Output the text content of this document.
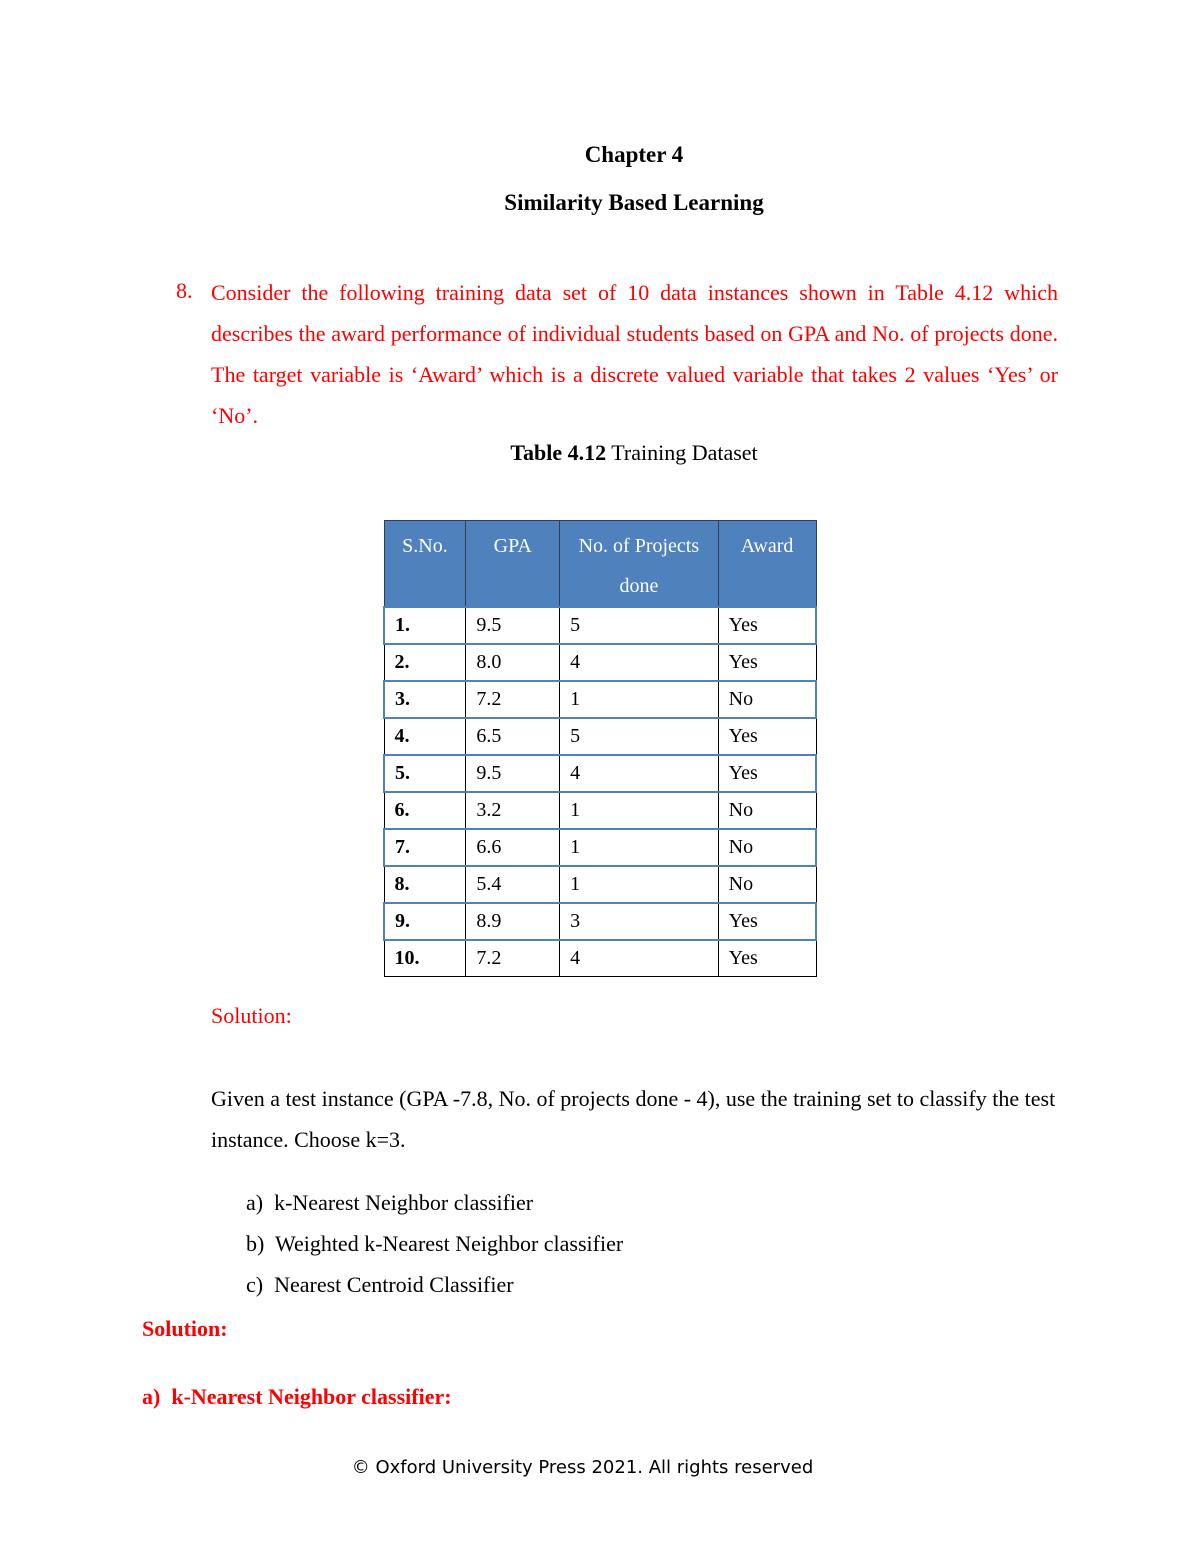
Chapter 4
Similarity Based Learning
8. Consider the following training data set of 10 data instances shown in Table 4.12 which describes the award performance of individual students based on GPA and No. of projects done. The target variable is ‘Award’ which is a discrete valued variable that takes 2 values ‘Yes’ or ‘No’.
Table 4.12 Training Dataset
S.No.	GPA	No. of Projects done	Award
1.	9.5	5	Yes
2.	8.0	4	Yes
3.	7.2	1	No
4.	6.5	5	Yes
5.	9.5	4	Yes
6.	3.2	1	No
7.	6.6	1	No
8.	5.4	1	No
9.	8.9	3	Yes
10.	7.2	4	Yes
Solution:
Given a test instance (GPA -7.8, No. of projects done - 4), use the training set to classify the test instance. Choose k=3.
a) k-Nearest Neighbor classifier
b) Weighted k-Nearest Neighbor classifier
c) Nearest Centroid Classifier
Solution:
a) k-Nearest Neighbor classifier:
© Oxford University Press 2021. All rights reserved
